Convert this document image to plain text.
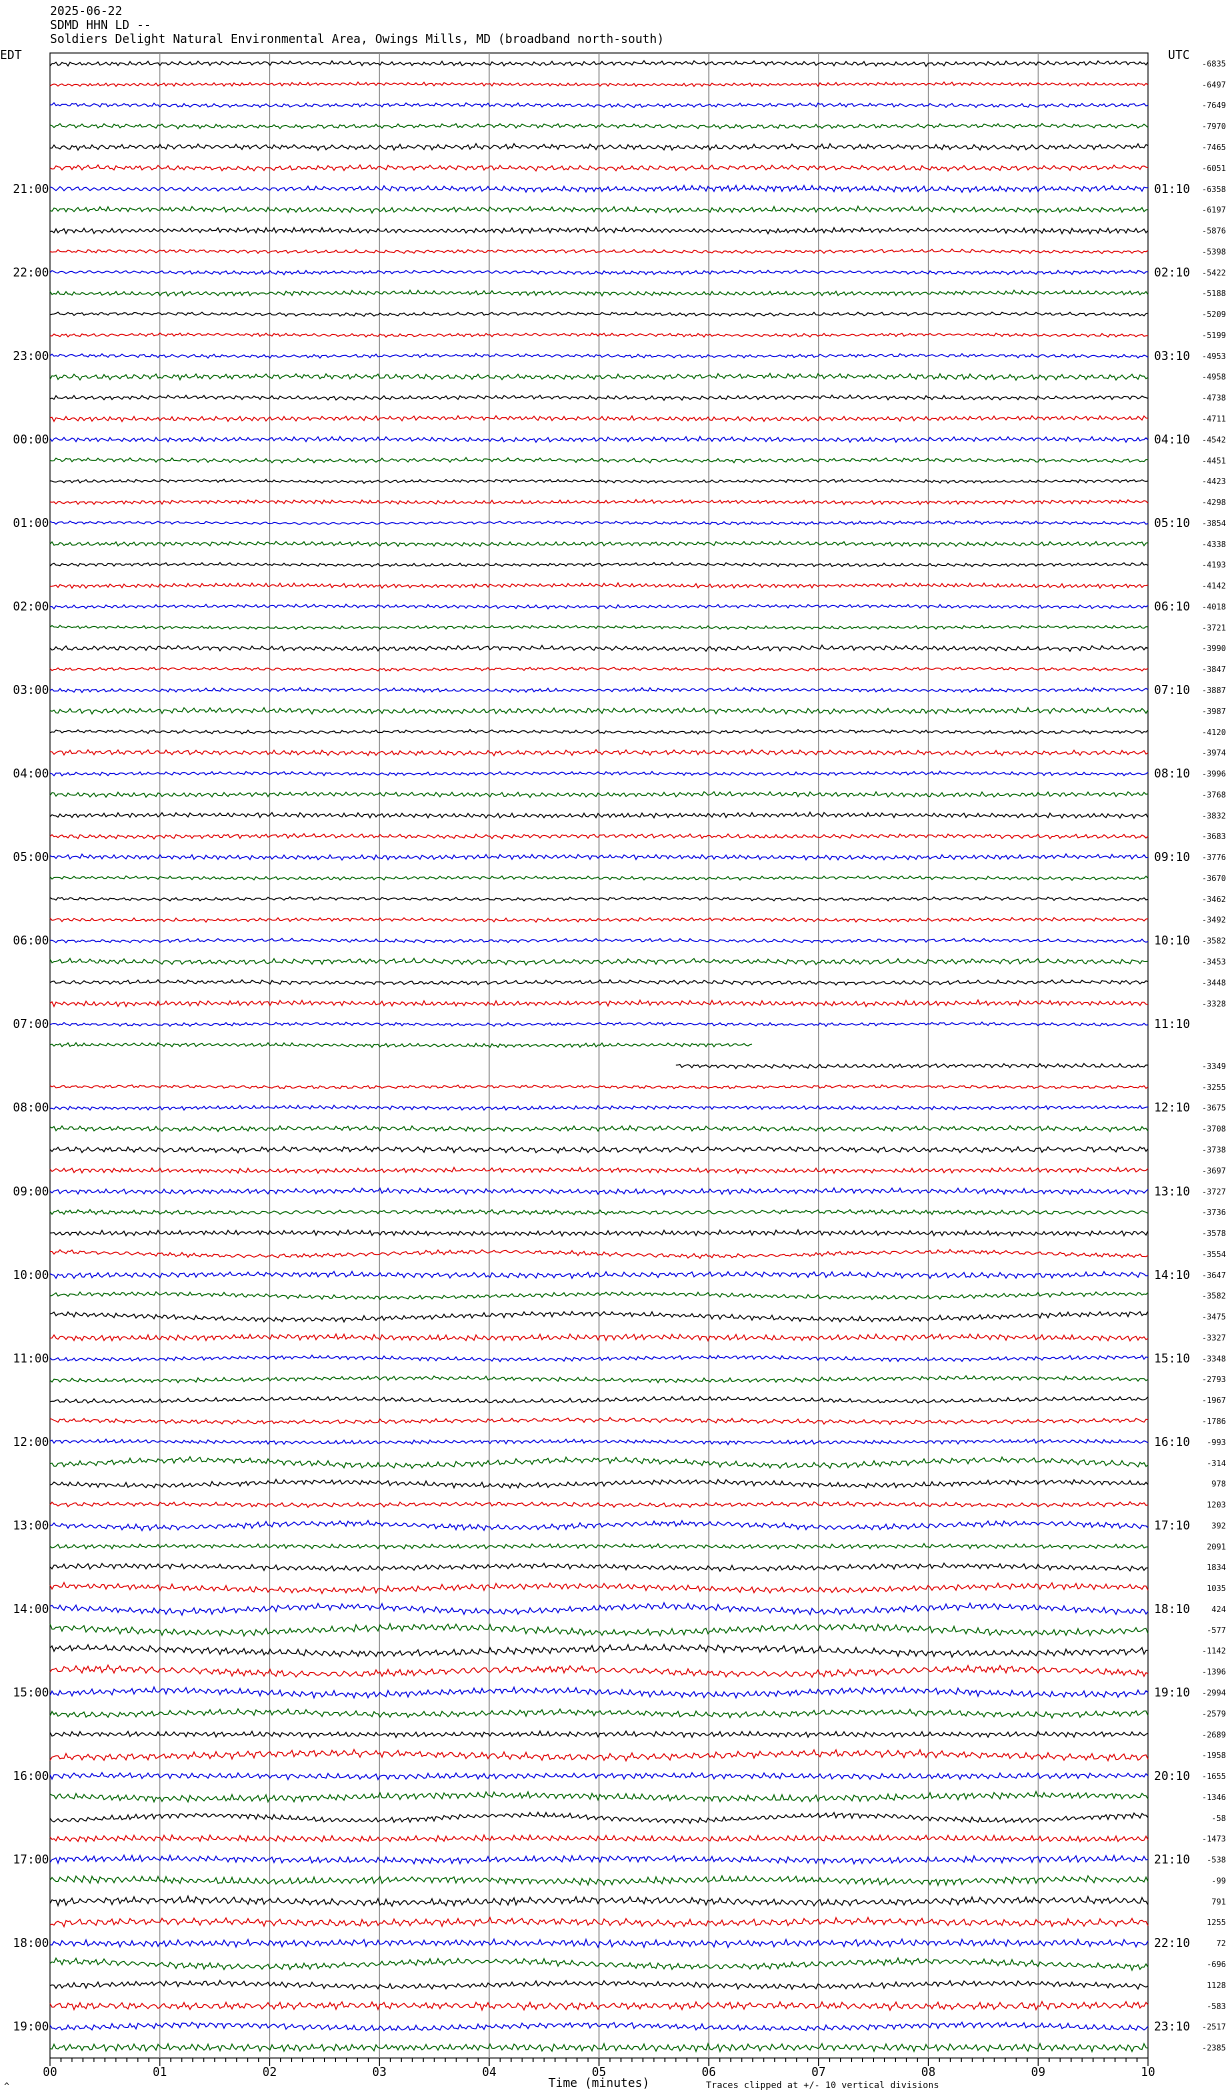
2025-06-22
SDMD HHN LD --
Soldiers Delight Natural Environmental Area, Owings Mills, MD (broadband north-south)
00	01	02	03	04	05	06	07	08	09	10
Time (minutes)
EDT	UTC
21:00
22:00
23:00
00:00
01:00
02:00
03:00
04:00
05:00
06:00
07:00
08:00
09:00
10:00
11:00
12:00
13:00
14:00
15:00
16:00
17:00
18:00
19:00
01:10
02:10
03:10
04:10
05:10
06:10
07:10
08:10
09:10
10:10
11:10
12:10
13:10
14:10
15:10
16:10
17:10
18:10
19:10
20:10
21:10
22:10
23:10
-6835
-6497
-7649
-7970
-7465
-6051
-6358
-6197
-5876
-5398
-5422
-5188
-5209
-5199
-4953
-4958
-4738
-4711
-4542
-4451
-4423
-4298
-3854
-4338
-4193
-4142
-4018
-3721
-3990
-3847
-3887
-3987
-4120
-3974
-3996
-3768
-3832
-3683
-3776
-3670
-3462
-3492
-3582
-3453
-3448
-3328
-3349
-3255
-3675
-3708
-3738
-3697
-3727
-3736
-3578
-3554
-3647
-3582
-3475
-3327
-3348
-2793
-1967
-1786
-993
-314
978
1203
392
2091
1834
1035
424
-577
-1142
-1396
-2994
-2579
-2689
-1958
-1655
-1346
-58
-1473
-538
-99
791
1255
72
-696
1128
-583
-2517
-2385
Traces clipped at +/- 10 vertical divisions
^
